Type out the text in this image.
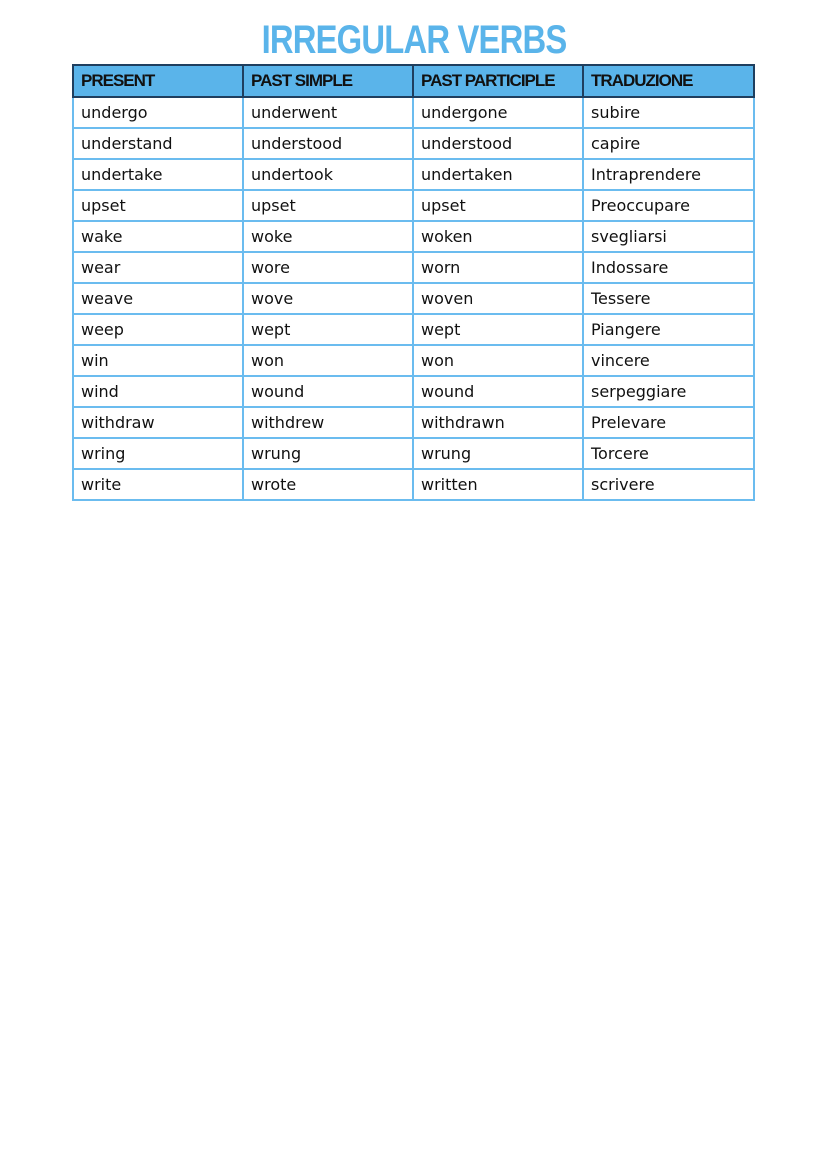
IRREGULAR VERBS
PRESENT	PAST SIMPLE	PAST PARTICIPLE	TRADUZIONE
undergo	underwent	undergone	subire
understand	understood	understood	capire
undertake	undertook	undertaken	Intraprendere
upset	upset	upset	Preoccupare
wake	woke	woken	svegliarsi
wear	wore	worn	Indossare
weave	wove	woven	Tessere
weep	wept	wept	Piangere
win	won	won	vincere
wind	wound	wound	serpeggiare
withdraw	withdrew	withdrawn	Prelevare
wring	wrung	wrung	Torcere
write	wrote	written	scrivere
